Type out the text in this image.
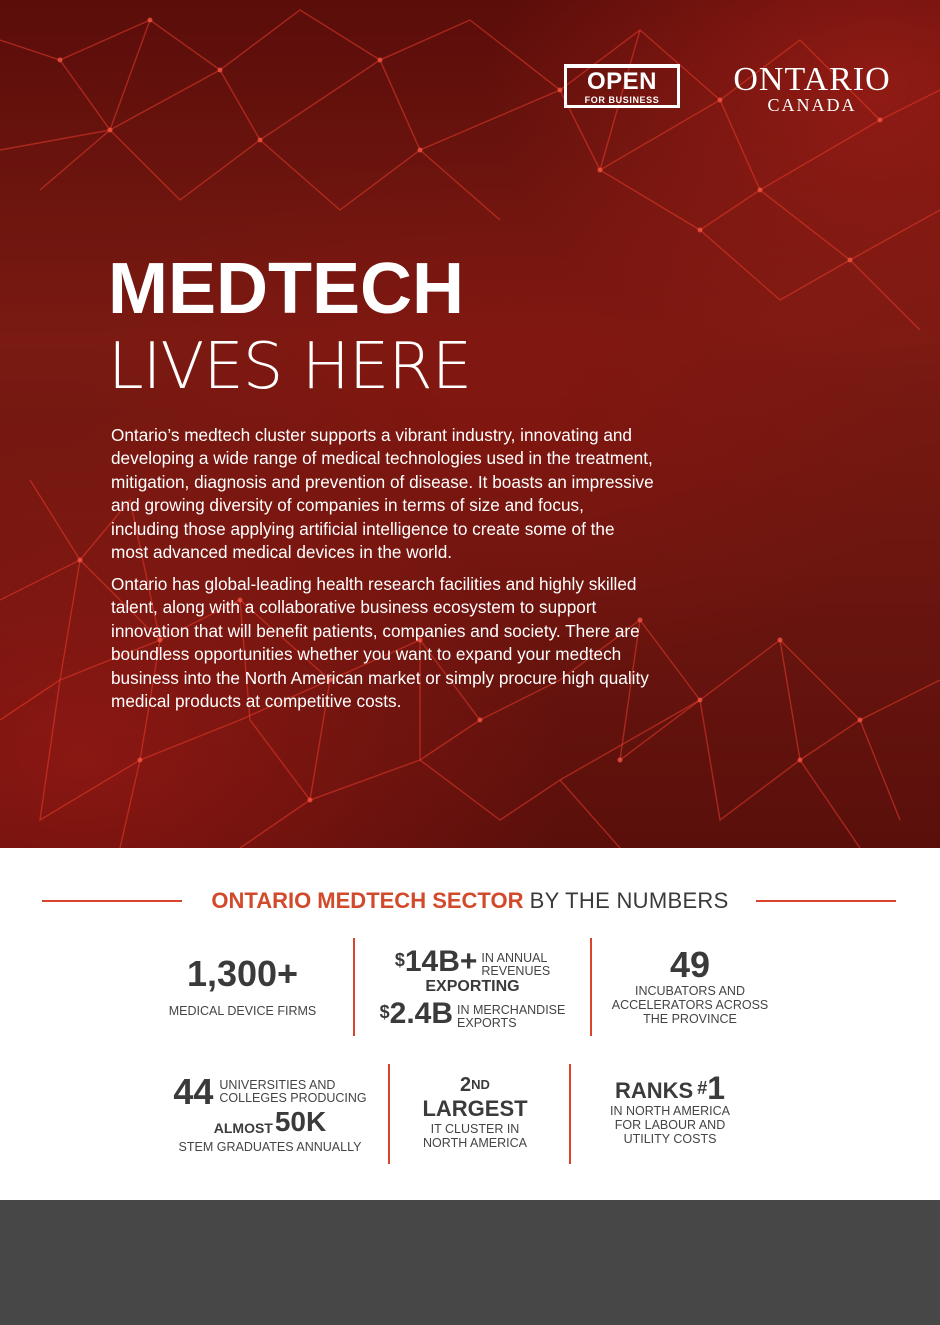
OPEN
FOR BUSINESS
ONTARIO
CANADA
MEDTECH
LIVES HERE

Ontario’s medtech cluster supports a vibrant industry, innovating and developing a wide range of medical technologies used in the treatment, mitigation, diagnosis and prevention of disease. It boasts an impressive and growing diversity of companies in terms of size and focus, including those applying artificial intelligence to create some of the most advanced medical devices in the world.

Ontario has global-leading health research facilities and highly skilled talent, along with a collaborative business ecosystem to support innovation that will benefit patients, companies and society. There are boundless opportunities whether you want to expand your medtech business into the North American market or simply procure high quality medical products at competitive costs.

ONTARIO MEDTECH SECTOR BY THE NUMBERS
1,300+
MEDICAL DEVICE FIRMS
$14B+ IN ANNUAL
REVENUES
EXPORTING
$2.4B IN MERCHANDISE
EXPORTS
49
INCUBATORS AND
ACCELERATORS ACROSS
THE PROVINCE
44 UNIVERSITIES AND
COLLEGES PRODUCING
ALMOST 50K
STEM GRADUATES ANNUALLY
2ND
LARGEST
IT CLUSTER IN
NORTH AMERICA
RANKS #1
IN NORTH AMERICA
FOR LABOUR AND
UTILITY COSTS
